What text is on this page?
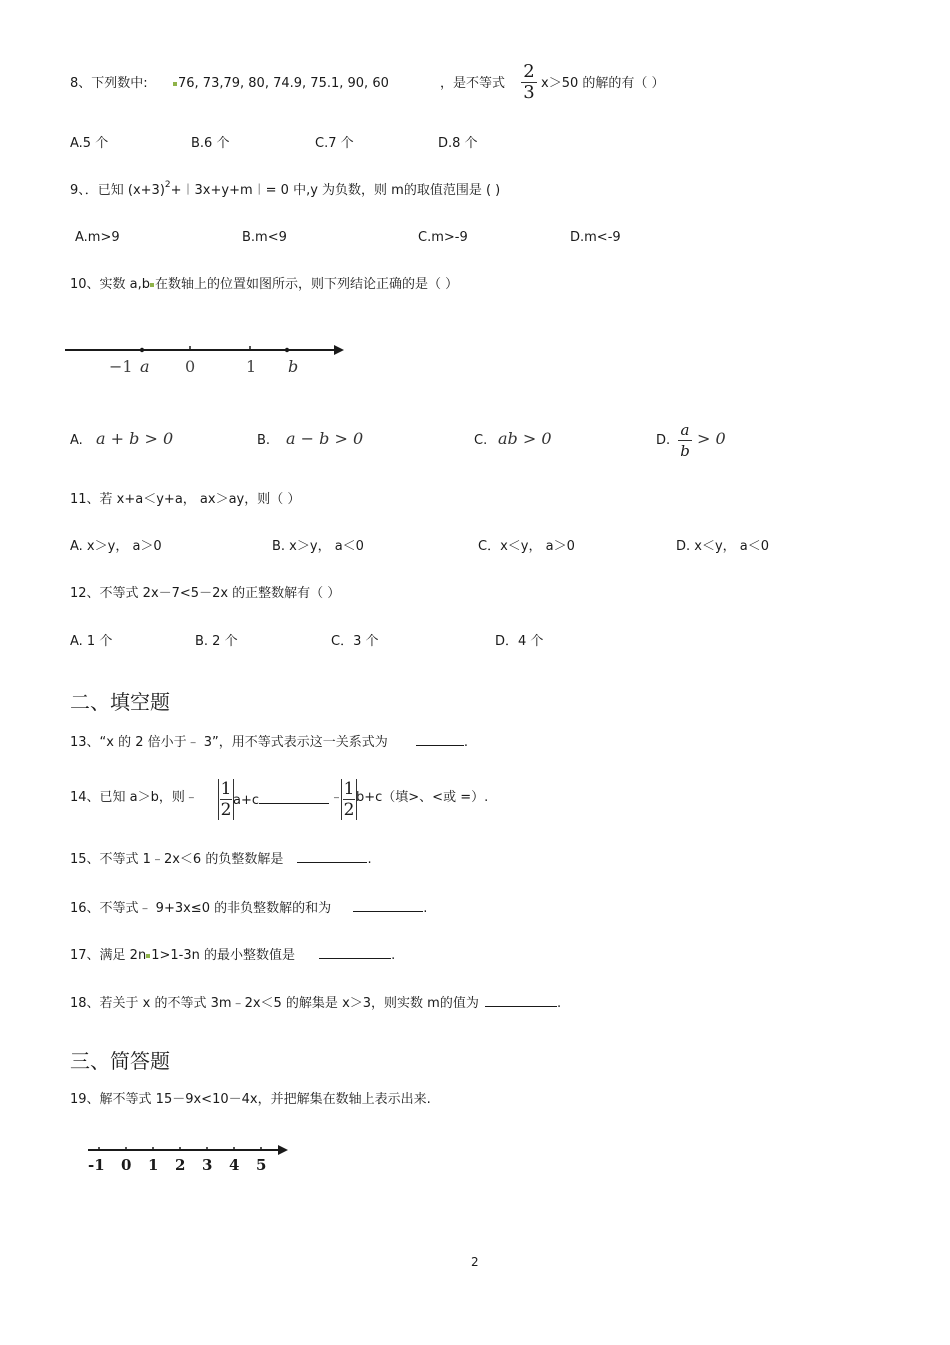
8、下列数中:	76, 73,79, 80, 74.9, 75.1, 90, 60	，是不等式
2
3 x＞50 的解的有（ ）
A.5 个	B.6 个	C.7 个	D.8 个
9、．已知 $(x+3)^2+︱3x+y+m︱= 0$ 中,y 为负数，则 m的取值范围是 ( )
A.m>9	B.m<9	C.m>-9	D.m<-9
10、实数 a,b 在数轴上的位置如图所示，则下列结论正确的是（ ）
−1 a 0	1 b
A. a + b > 0	B. a − b > 0	C. ab > 0	D.
a
b
> 0
11、若 x+a＜y+a， ax＞ay，则（ ）
A. x＞y， a＞0	B. x＞y， a＜0	C．x＜y， a＞0	D. x＜y， a＜0
12、不等式 2x－7<5－2x 的正整数解有（ ）
A. 1 个	B. 2 个	C．3 个	D．4 个
二、填空题
13、“x 的 2 倍小于﹣ 3”，用不等式表示这一关系式为	.
14、已知 a＞b，则﹣ 1
2 a+c	﹣ 1
2
b+c（填>、<或 =）.
15、不等式 1﹣2x＜6 的负整数解是	.
16、不等式﹣ 9+3x≤0 的非负整数解的和为	.
17、满足 2n 1>1-3n 的最小整数值是	.
18、若关于 x 的不等式 3m﹣2x＜5 的解集是 x＞3，则实数 m的值为	.
三、简答题
19、解不等式 15－9x<10－4x，并把解集在数轴上表示出来.
-1 0 1 2 3 4 5
2
